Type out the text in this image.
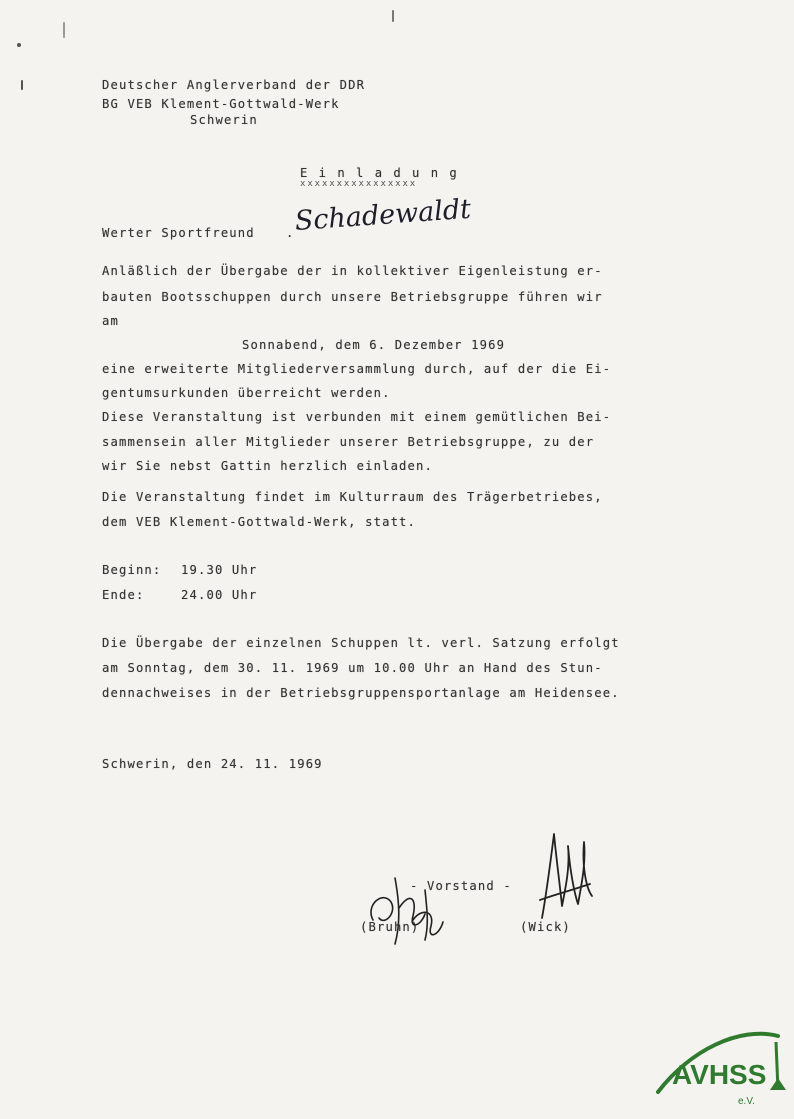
Deutscher Anglerverband der DDR
BG VEB Klement-Gottwald-Werk
Schwerin
E i n l a d u n g
xxxxxxxxxxxxxxxx
Werter Sportfreund	. Schadewaldt
Anläßlich der Übergabe der in kollektiver Eigenleistung er-
bauten Bootsschuppen durch unsere Betriebsgruppe führen wir
am
Sonnabend, dem 6. Dezember 1969
eine erweiterte Mitgliederversammlung durch, auf der die Ei-
gentumsurkunden überreicht werden.
Diese Veranstaltung ist verbunden mit einem gemütlichen Bei-
sammensein aller Mitglieder unserer Betriebsgruppe, zu der
wir Sie nebst Gattin herzlich einladen.
Die Veranstaltung findet im Kulturraum des Trägerbetriebes,
dem VEB Klement-Gottwald-Werk, statt.
Beginn: 19.30 Uhr
Ende:	24.00 Uhr
Die Übergabe der einzelnen Schuppen lt. verl. Satzung erfolgt
am Sonntag, dem 30. 11. 1969 um 10.00 Uhr an Hand des Stun-
dennachweises in der Betriebsgruppensportanlage am Heidensee.
Schwerin, den 24. 11. 1969
- Vorstand -
(Bruhn)	(Wick)
AVHSS
e.V.
